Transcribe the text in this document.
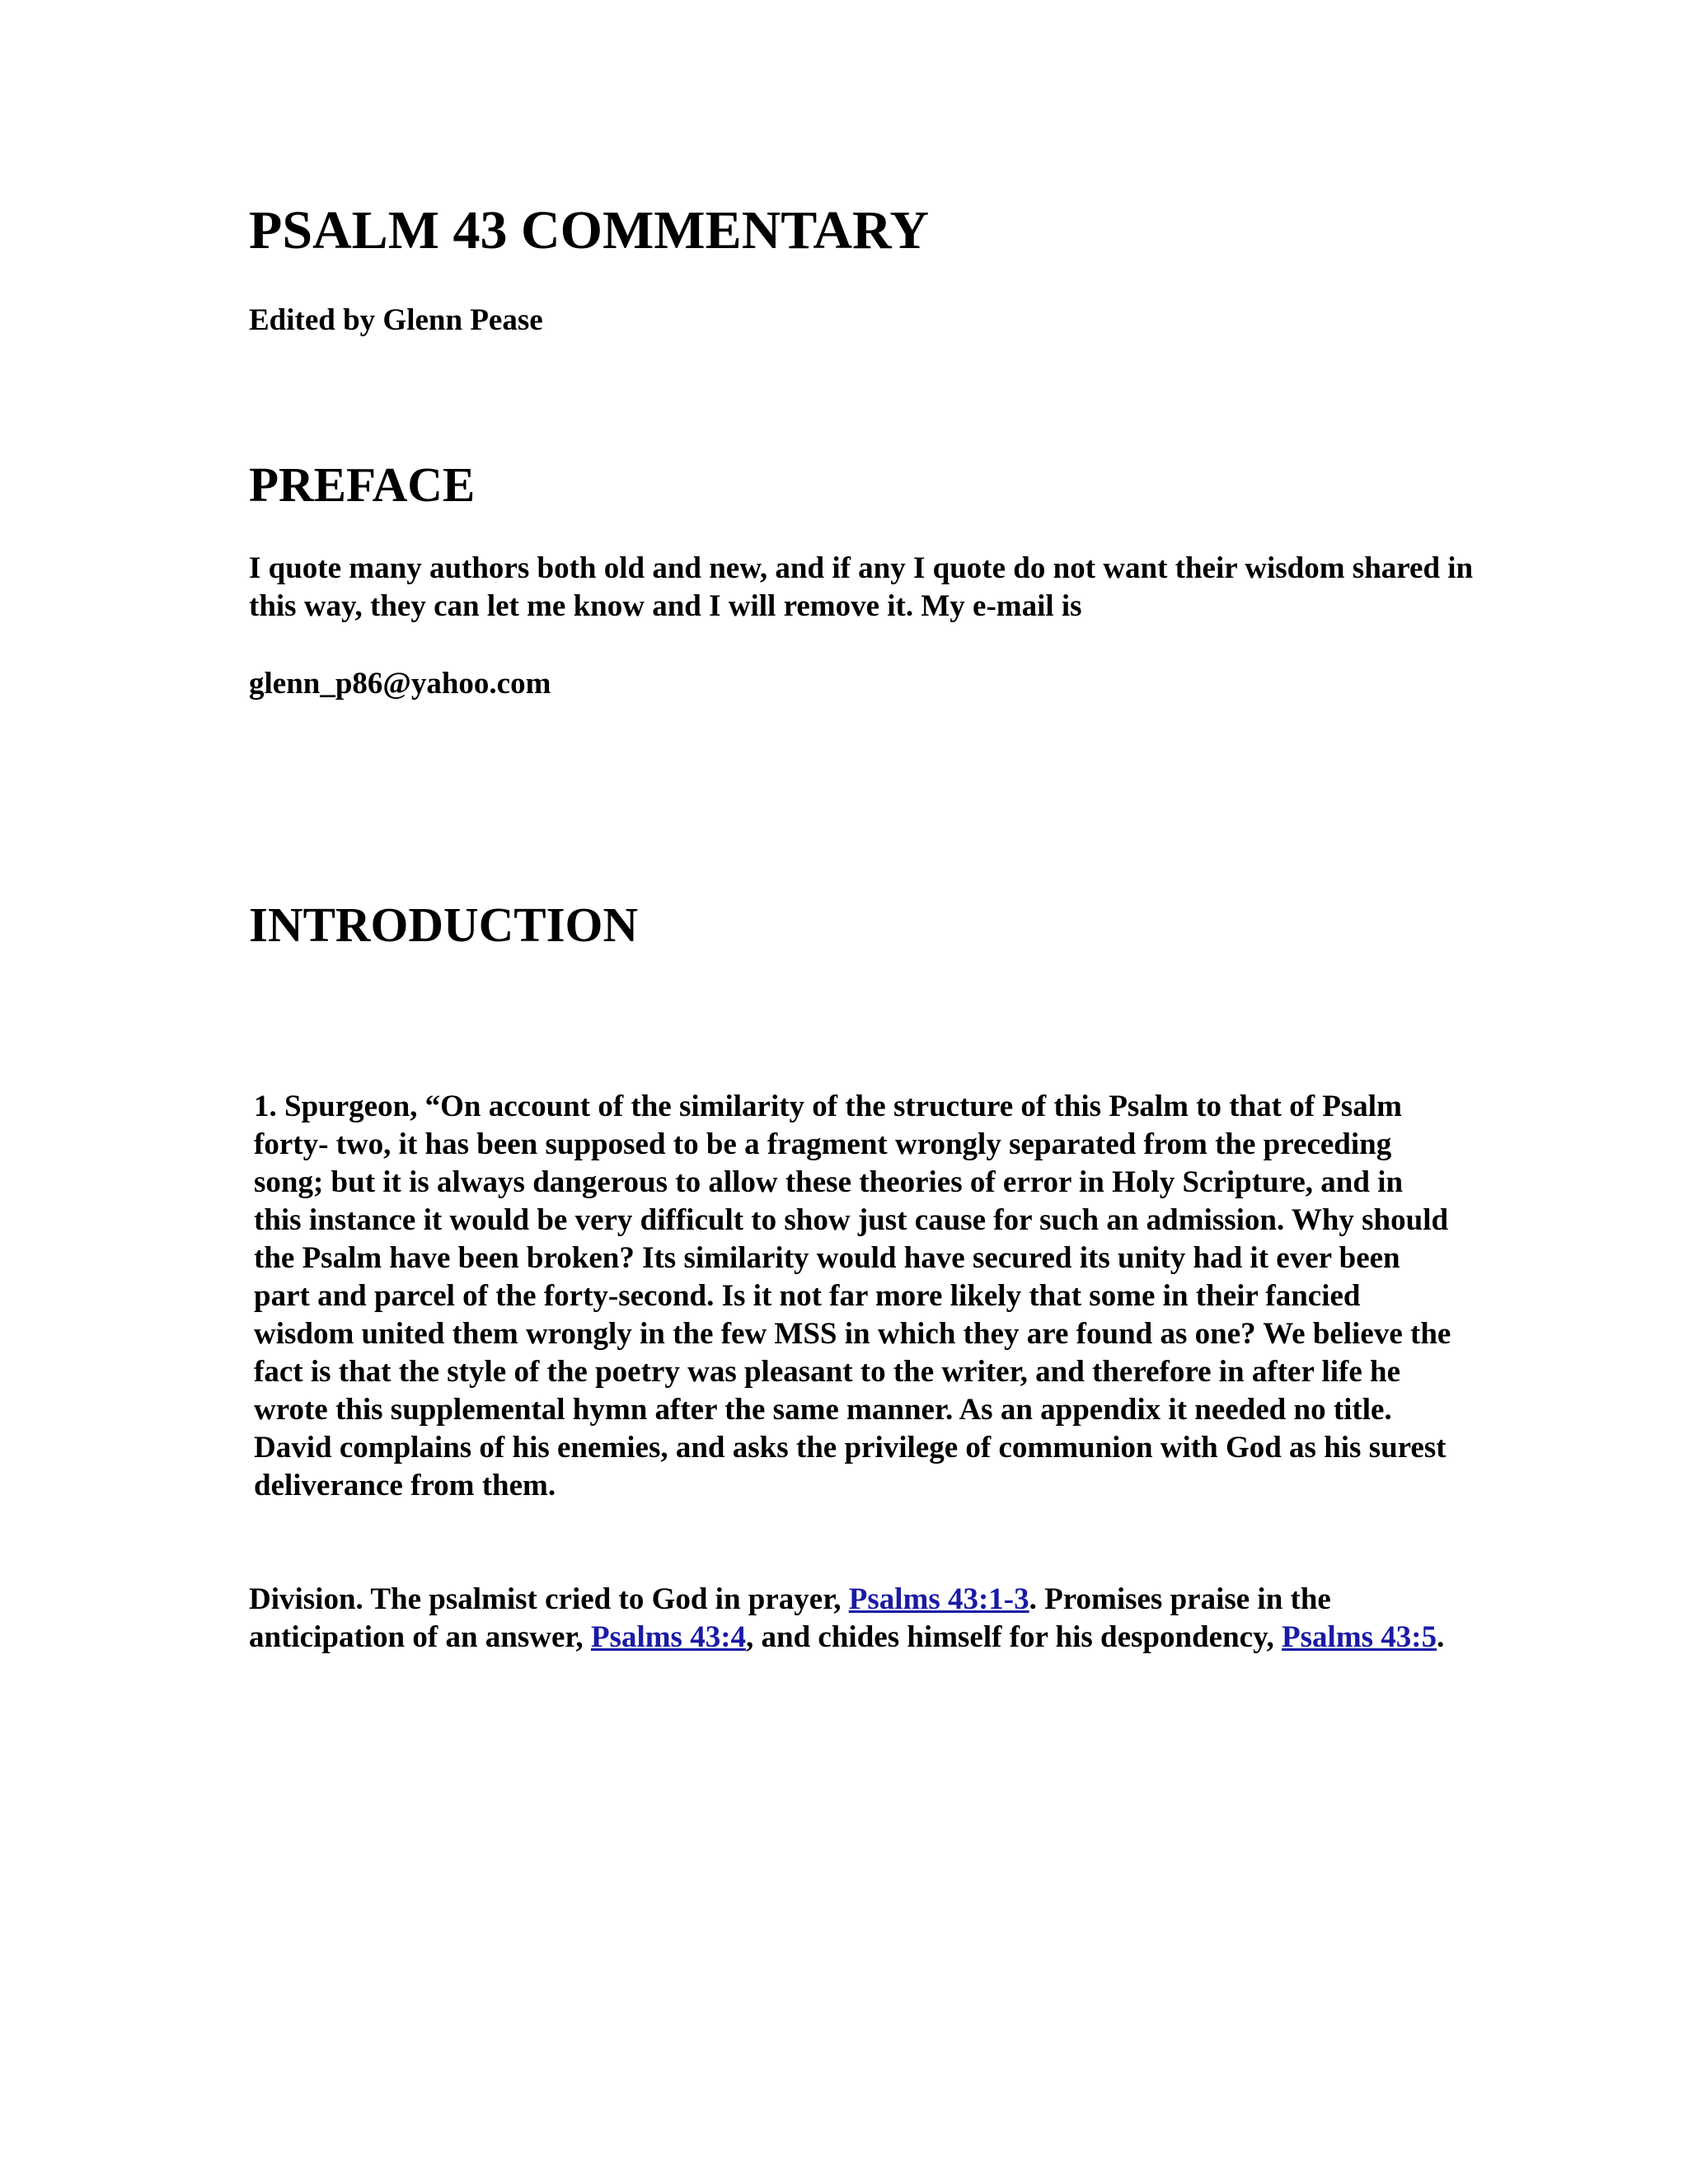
PSALM 43 COMMENTARY

Edited by Glenn Pease

PREFACE

I quote many authors both old and new, and if any I quote do not want their wisdom shared in this way, they can let me know and I will remove it. My e-mail is

glenn_p86@yahoo.com

INTRODUCTION

1. Spurgeon, “On account of the similarity of the structure of this Psalm to that of Psalm forty- two, it has been supposed to be a fragment wrongly separated from the preceding song; but it is always dangerous to allow these theories of error in Holy Scripture, and in this instance it would be very difficult to show just cause for such an admission. Why should the Psalm have been broken? Its similarity would have secured its unity had it ever been part and parcel of the forty-second. Is it not far more likely that some in their fancied wisdom united them wrongly in the few MSS in which they are found as one? We believe the fact is that the style of the poetry was pleasant to the writer, and therefore in after life he wrote this supplemental hymn after the same manner. As an appendix it needed no title. David complains of his enemies, and asks the privilege of communion with God as his surest deliverance from them.

Division. The psalmist cried to God in prayer, Psalms 43:1-3. Promises praise in the anticipation of an answer, Psalms 43:4, and chides himself for his despondency, Psalms 43:5.
